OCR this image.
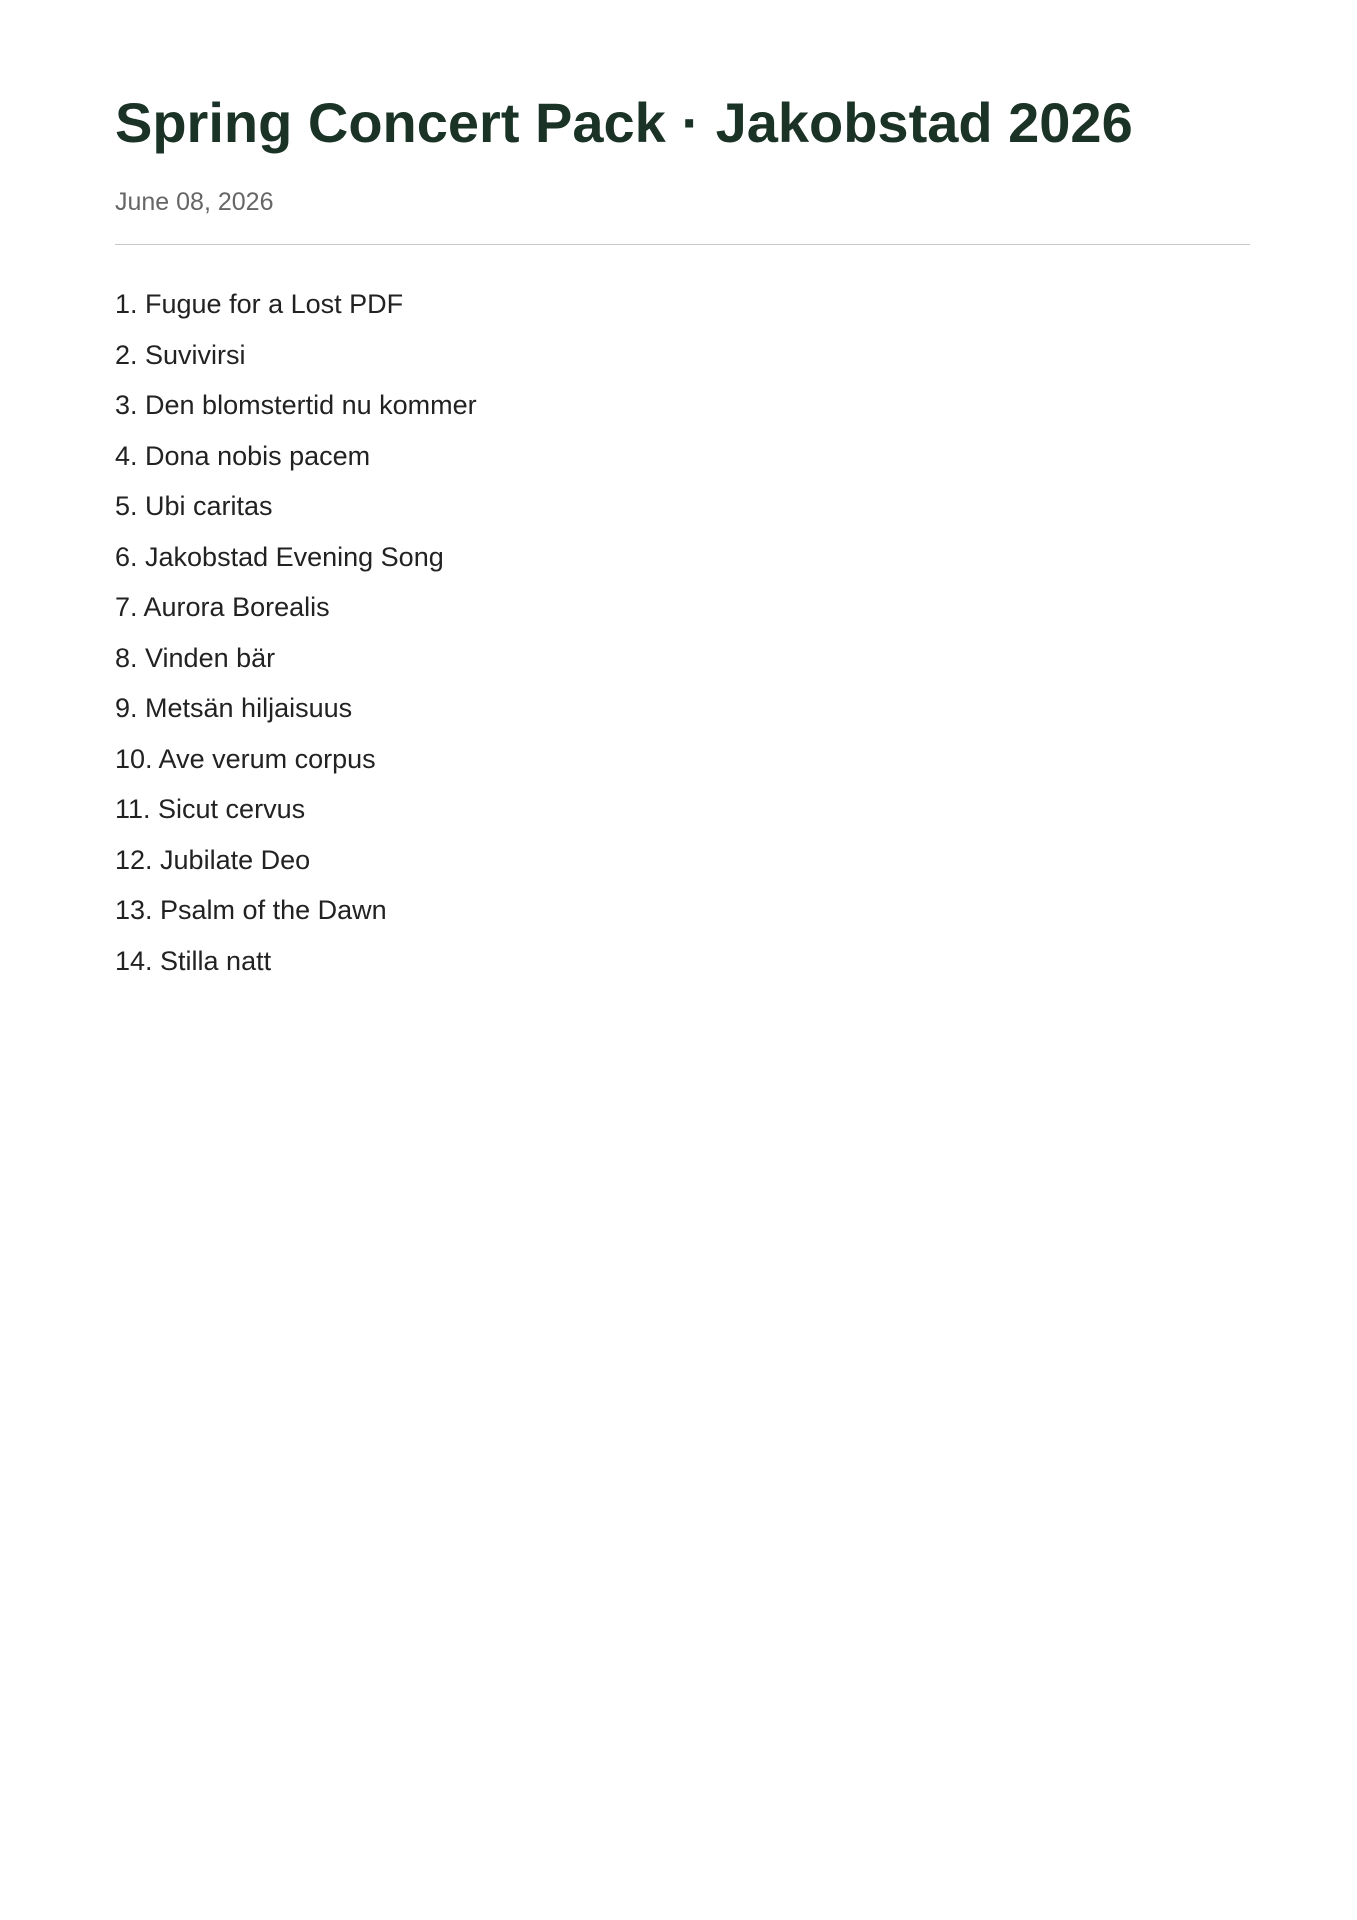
Spring Concert Pack · Jakobstad 2026
June 08, 2026
1. Fugue for a Lost PDF
2. Suvivirsi
3. Den blomstertid nu kommer
4. Dona nobis pacem
5. Ubi caritas
6. Jakobstad Evening Song
7. Aurora Borealis
8. Vinden bär
9. Metsän hiljaisuus
10. Ave verum corpus
11. Sicut cervus
12. Jubilate Deo
13. Psalm of the Dawn
14. Stilla natt
